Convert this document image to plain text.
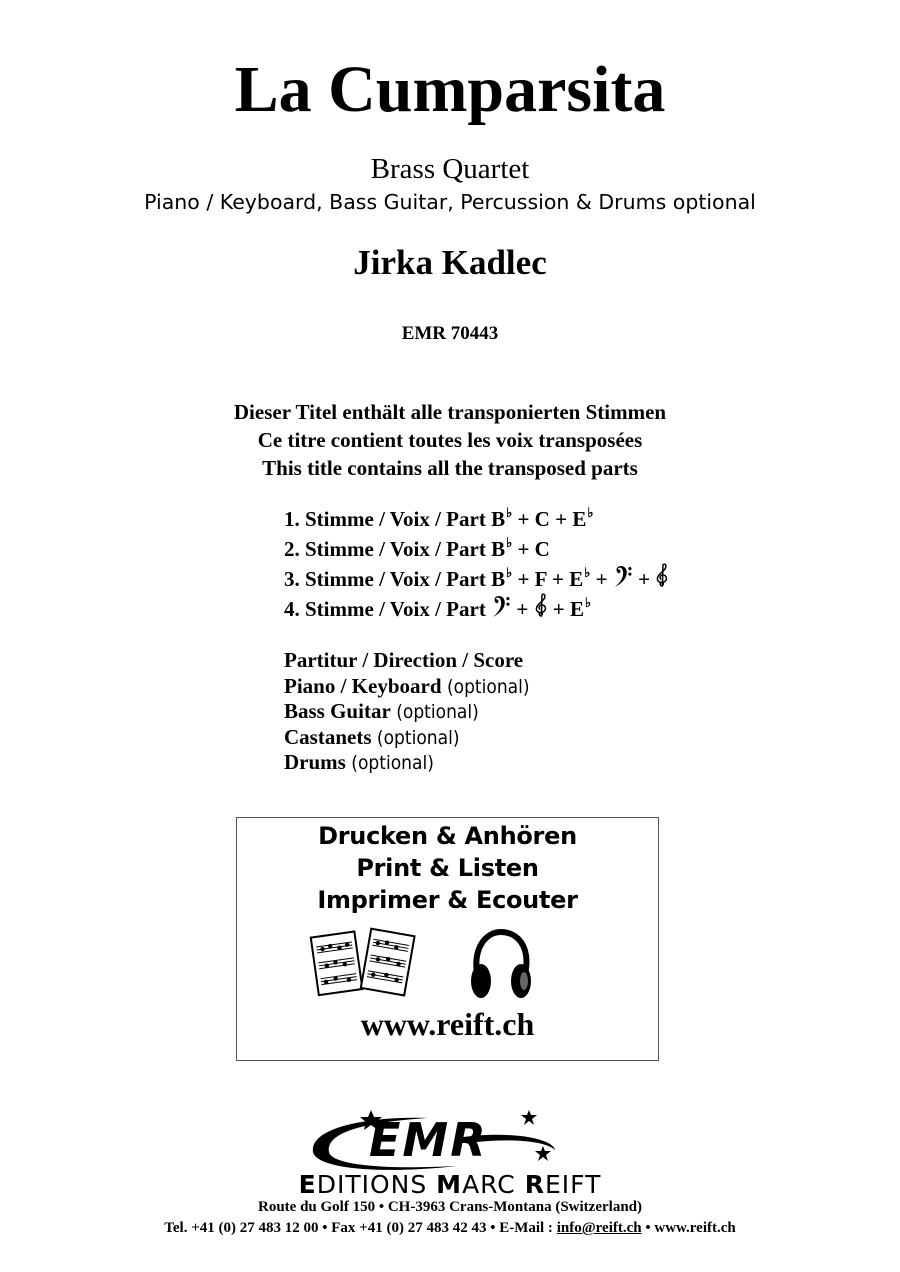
La Cumparsita
Brass Quartet
Piano / Keyboard, Bass Guitar, Percussion & Drums optional
Jirka Kadlec
EMR 70443
Dieser Titel enthält alle transponierten Stimmen
Ce titre contient toutes les voix transposées
This title contains all the transposed parts
1. Stimme / Voix / Part B♭ + C + E♭
2. Stimme / Voix / Part B♭ + C
3. Stimme / Voix / Part B♭ + F + E♭ +  +
4. Stimme / Voix / Part  +  + E♭
Partitur / Direction / Score
Piano / Keyboard (optional)
Bass Guitar (optional)
Castanets (optional)
Drums (optional)
Drucken & Anhören
Print & Listen
Imprimer & Ecouter
www.reift.ch
EMR
EDITIONS MARC REIFT
Route du Golf 150 • CH-3963 Crans-Montana (Switzerland)
Tel. +41 (0) 27 483 12 00 • Fax +41 (0) 27 483 42 43 • E-Mail : info@reift.ch • www.reift.ch
